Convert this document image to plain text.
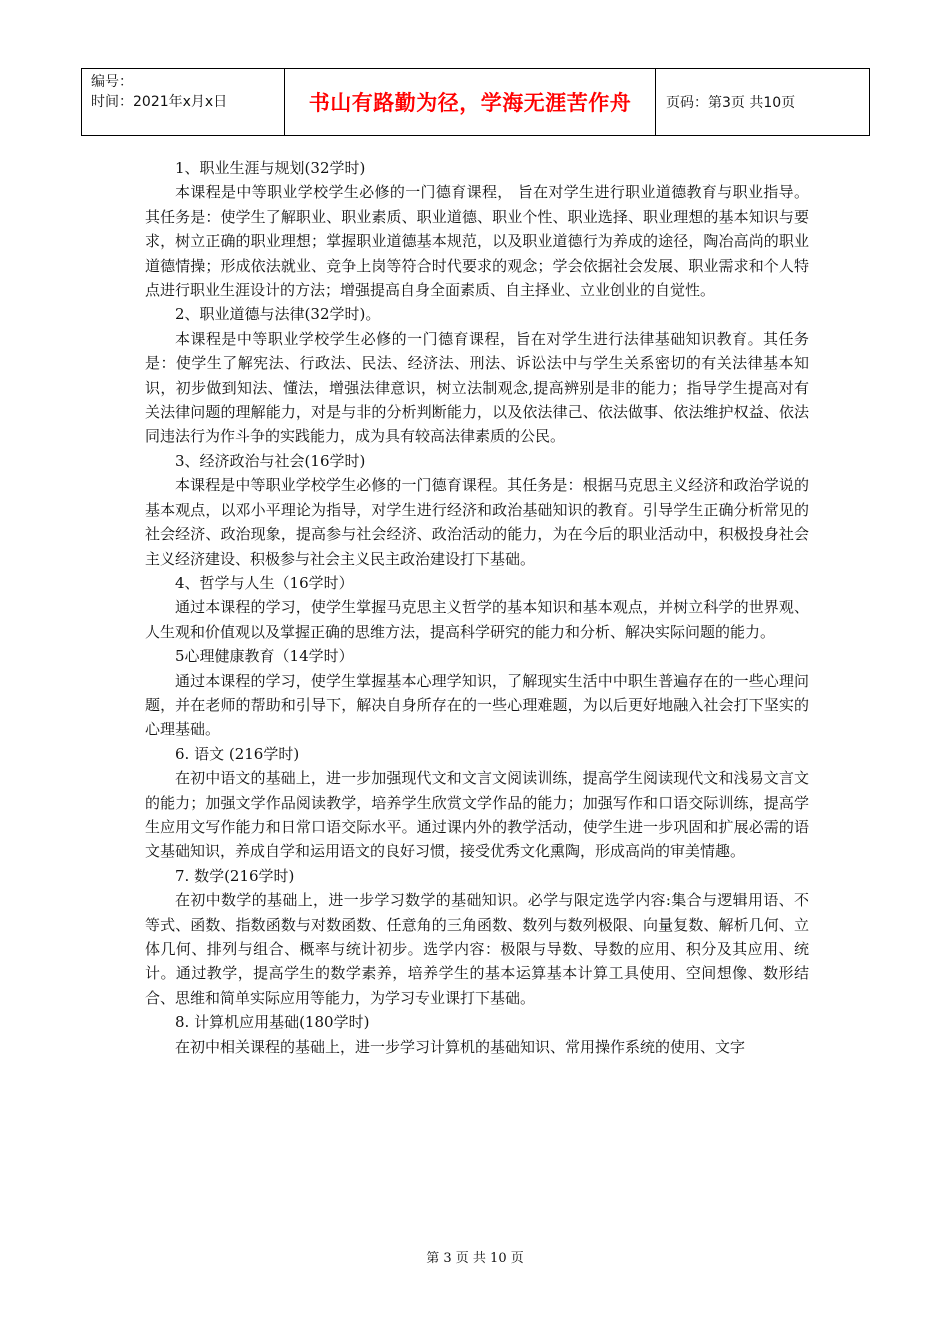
编号：
时间：2021年x月x日	书山有路勤为径，学海无涯苦作舟 页码：第3页 共10页

1、职业生涯与规划(32学时)

本课程是中等职业学校学生必修的一门德育课程， 旨在对学生进行职业道德教育与职业指导。其任务是：使学生了解职业、职业素质、职业道德、职业个性、职业选择、职业理想的基本知识与要求，树立正确的职业理想；掌握职业道德基本规范，以及职业道德行为养成的途径，陶冶高尚的职业道德情操；形成依法就业、竞争上岗等符合时代要求的观念；学会依据社会发展、职业需求和个人特点进行职业生涯设计的方法；增强提高自身全面素质、自主择业、立业创业的自觉性。

2、职业道德与法律(32学时)。

本课程是中等职业学校学生必修的一门德育课程，旨在对学生进行法律基础知识教育。其任务是：使学生了解宪法、行政法、民法、经济法、刑法、诉讼法中与学生关系密切的有关法律基本知识，初步做到知法、懂法，增强法律意识，树立法制观念,提高辨别是非的能力；指导学生提高对有关法律问题的理解能力，对是与非的分析判断能力，以及依法律己、依法做事、依法维护权益、依法同违法行为作斗争的实践能力，成为具有较高法律素质的公民。

3、经济政治与社会(16学时)

本课程是中等职业学校学生必修的一门德育课程。其任务是：根据马克思主义经济和政治学说的基本观点，以邓小平理论为指导，对学生进行经济和政治基础知识的教育。引导学生正确分析常见的社会经济、政治现象，提高参与社会经济、政治活动的能力，为在今后的职业活动中，积极投身社会主义经济建设、积极参与社会主义民主政治建设打下基础。

4、哲学与人生（16学时）

通过本课程的学习，使学生掌握马克思主义哲学的基本知识和基本观点，并树立科学的世界观、人生观和价值观以及掌握正确的思维方法，提高科学研究的能力和分析、解决实际问题的能力。

5心理健康教育（14学时）

通过本课程的学习，使学生掌握基本心理学知识，了解现实生活中中职生普遍存在的一些心理问题，并在老师的帮助和引导下，解决自身所存在的一些心理难题，为以后更好地融入社会打下坚实的心理基础。

6. 语文 (216学时)

在初中语文的基础上，进一步加强现代文和文言文阅读训练，提高学生阅读现代文和浅易文言文的能力；加强文学作品阅读教学，培养学生欣赏文学作品的能力；加强写作和口语交际训练，提高学生应用文写作能力和日常口语交际水平。通过课内外的教学活动，使学生进一步巩固和扩展必需的语文基础知识，养成自学和运用语文的良好习惯，接受优秀文化熏陶，形成高尚的审美情趣。

7. 数学(216学时)

在初中数学的基础上，进一步学习数学的基础知识。必学与限定选学内容:集合与逻辑用语、不等式、函数、指数函数与对数函数、任意角的三角函数、数列与数列极限、向量复数、解析几何、立体几何、排列与组合、概率与统计初步。选学内容：极限与导数、导数的应用、积分及其应用、统计。通过教学，提高学生的数学素养，培养学生的基本运算基本计算工具使用、空间想像、数形结合、思维和简单实际应用等能力，为学习专业课打下基础。

8. 计算机应用基础(180学时)

在初中相关课程的基础上，进一步学习计算机的基础知识、常用操作系统的使用、文字

第 3 页 共 10 页
